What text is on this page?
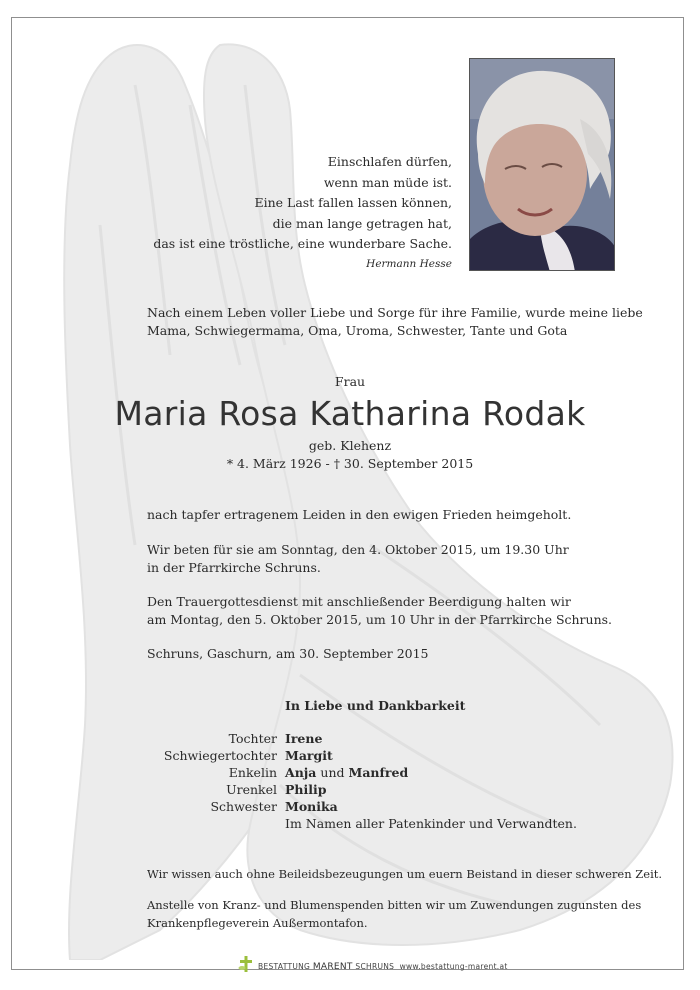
Einschlafen dürfen,
wenn man müde ist.
Eine Last fallen lassen können,
die man lange getragen hat,
das ist eine tröstliche, eine wunderbare Sache.
Hermann Hesse
Nach einem Leben voller Liebe und Sorge für ihre Familie, wurde meine liebe
Mama, Schwiegermama, Oma, Uroma, Schwester, Tante und Gota
Frau
Maria Rosa Katharina Rodak
geb. Klehenz
* 4. März 1926 - † 30. September 2015
nach tapfer ertragenem Leiden in den ewigen Frieden heimgeholt.
Wir beten für sie am Sonntag, den 4. Oktober 2015, um 19.30 Uhr
in der Pfarrkirche Schruns.
Den Trauergottesdienst mit anschließender Beerdigung halten wir
am Montag, den 5. Oktober 2015, um 10 Uhr in der Pfarrkirche Schruns.
Schruns, Gaschurn, am 30. September 2015
In Liebe und Dankbarkeit
Tochter
Schwiegertochter
Enkelin
Urenkel
Schwester
Irene
Margit
Anja und Manfred
Philip
Monika
Im Namen aller Patenkinder und Verwandten.
Wir wissen auch ohne Beileidsbezeugungen um euern Beistand in dieser schweren Zeit.
Anstelle von Kranz- und Blumenspenden bitten wir um Zuwendungen zugunsten des
Krankenpflegeverein Außermontafon.
BESTATTUNG MARENT SCHRUNS www.bestattung-marent.at
